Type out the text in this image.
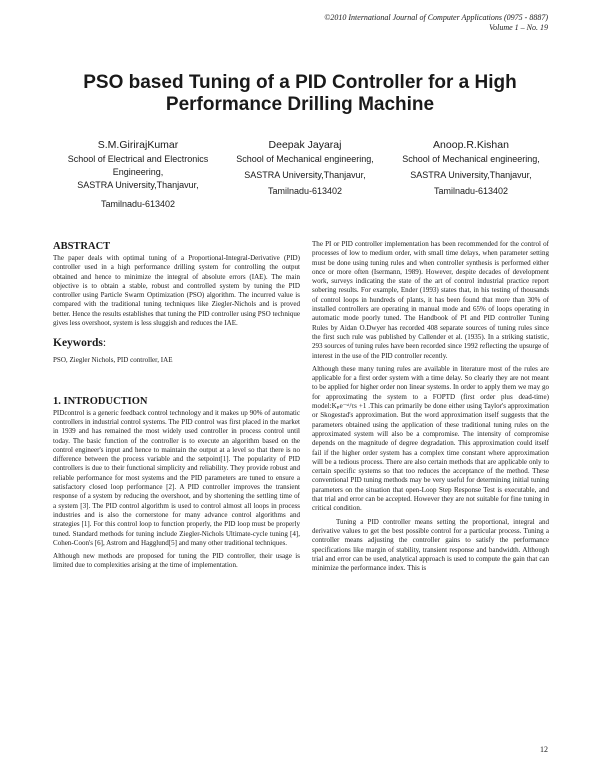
©2010 International Journal of Computer Applications (0975 - 8887)
Volume 1 – No. 19
PSO based Tuning of a PID Controller for a High
Performance Drilling Machine
S.M.GirirajKumar
School of Electrical and Electronics
Engineering,
SASTRA University,Thanjavur,
Tamilnadu-613402
Deepak Jayaraj
School of Mechanical engineering,
SASTRA University,Thanjavur,
Tamilnadu-613402
Anoop.R.Kishan
School of Mechanical engineering,
SASTRA University,Thanjavur,
Tamilnadu-613402
ABSTRACT
The paper deals with optimal tuning of a Proportional-Integral-Derivative (PID) controller used in a high performance drilling system for controlling the output obtained and hence to minimize the integral of absolute errors (IAE). The main objective is to obtain a stable, robust and controlled system by tuning the PID controller using Particle Swarm Optimization (PSO) algorithm. The incurred value is compared with the traditional tuning techniques like Ziegler-Nichols and is proved better. Hence the results establishes that tuning the PID controller using PSO technique gives less overshoot, system is less sluggish and reduces the IAE.
Keywords:
PSO, Ziegler Nichols, PID controller, IAE
1. INTRODUCTION
PIDcontrol is a generic feedback control technology and it makes up 90% of automatic controllers in industrial control systems. The PID control was first placed in the market in 1939 and has remained the most widely used controller in process control until today. The basic function of the controller is to execute an algorithm based on the control engineer's input and hence to maintain the output at a level so that there is no difference between the process variable and the setpoint[1]. The popularity of PID controllers is due to their functional simplicity and reliability. They provide robust and reliable performance for most systems and the PID parameters are tuned to ensure a satisfactory closed loop performance [2]. A PID controller improves the transient response of a system by reducing the overshoot, and by shortening the settling time of a system [3]. The PID control algorithm is used to control almost all loops in process industries and is also the cornerstone for many advance control algorithms and strategies [1]. For this control loop to function properly, the PID loop must be properly tuned. Standard methods for tuning include Ziegler-Nichols Ultimate-cycle tuning [4], Cohen-Coon's [6], Astrom and Hagglund[5] and many other traditional techniques.
Although new methods are proposed for tuning the PID controller, their usage is limited due to complexities arising at the time of implementation.
The PI or PID controller implementation has been recommended for the control of processes of low to medium order, with small time delays, when parameter setting must be done using tuning rules and when controller synthesis is performed either once or more often (Isermann, 1989). However, despite decades of development work, surveys indicating the state of the art of control industrial practice report sobering results. For example, Ender (1993) states that, in his testing of thousands of control loops in hundreds of plants, it has been found that more than 30% of installed controllers are operating in manual mode and 65% of loops operating in automatic mode poorly tuned. The Handbook of PI and PID controller Tuning Rules by Aidan O.Dwyer has recorded 408 separate sources of tuning rules since the first such rule was published by Callender et al. (1935). In a striking statistic, 293 sources of tuning rules have been recorded since 1992 reflecting the upsurge of interest in the use of the PID controller recently.
Although these many tuning rules are available in literature most of the rules are applicable for a first order system with a time delay. So clearly they are not meant to be applied for higher order non linear systems. In order to apply them we may go for approximating the system to a FOPTD (first order plus dead-time) model:Kₚe⁻ˢᵗ/τs +1 .This can primarily be done either using Taylor's approximation or Skogestad's approximation. But the word approximation itself suggests that the parameters obtained using the application of these traditional tuning rules on the approximated system will also be a compromise. The intensity of compromise depends on the magnitude of degree degradation. This approximation could itself fail if the higher order system has a complex time constant where approximation will be a tedious process. There are also certain methods that are applicable only to certain specific systems so that too reduces the acceptance of the method. These conventional PID tuning methods may be very useful for determining initial tuning parameters on the situation that open-Loop Step Response Test is executable, and that trial and error can be accepted. However they are not suitable for fine tuning in critical condition.
Tuning a PID controller means setting the proportional, integral and derivative values to get the best possible control for a particular process. Tuning a controller means adjusting the controller gains to satisfy the performance specifications like margin of stability, transient response and bandwidth. Although trial and error can be used, analytical approach is used to compute the gain that can minimize the performance index. This is
12
